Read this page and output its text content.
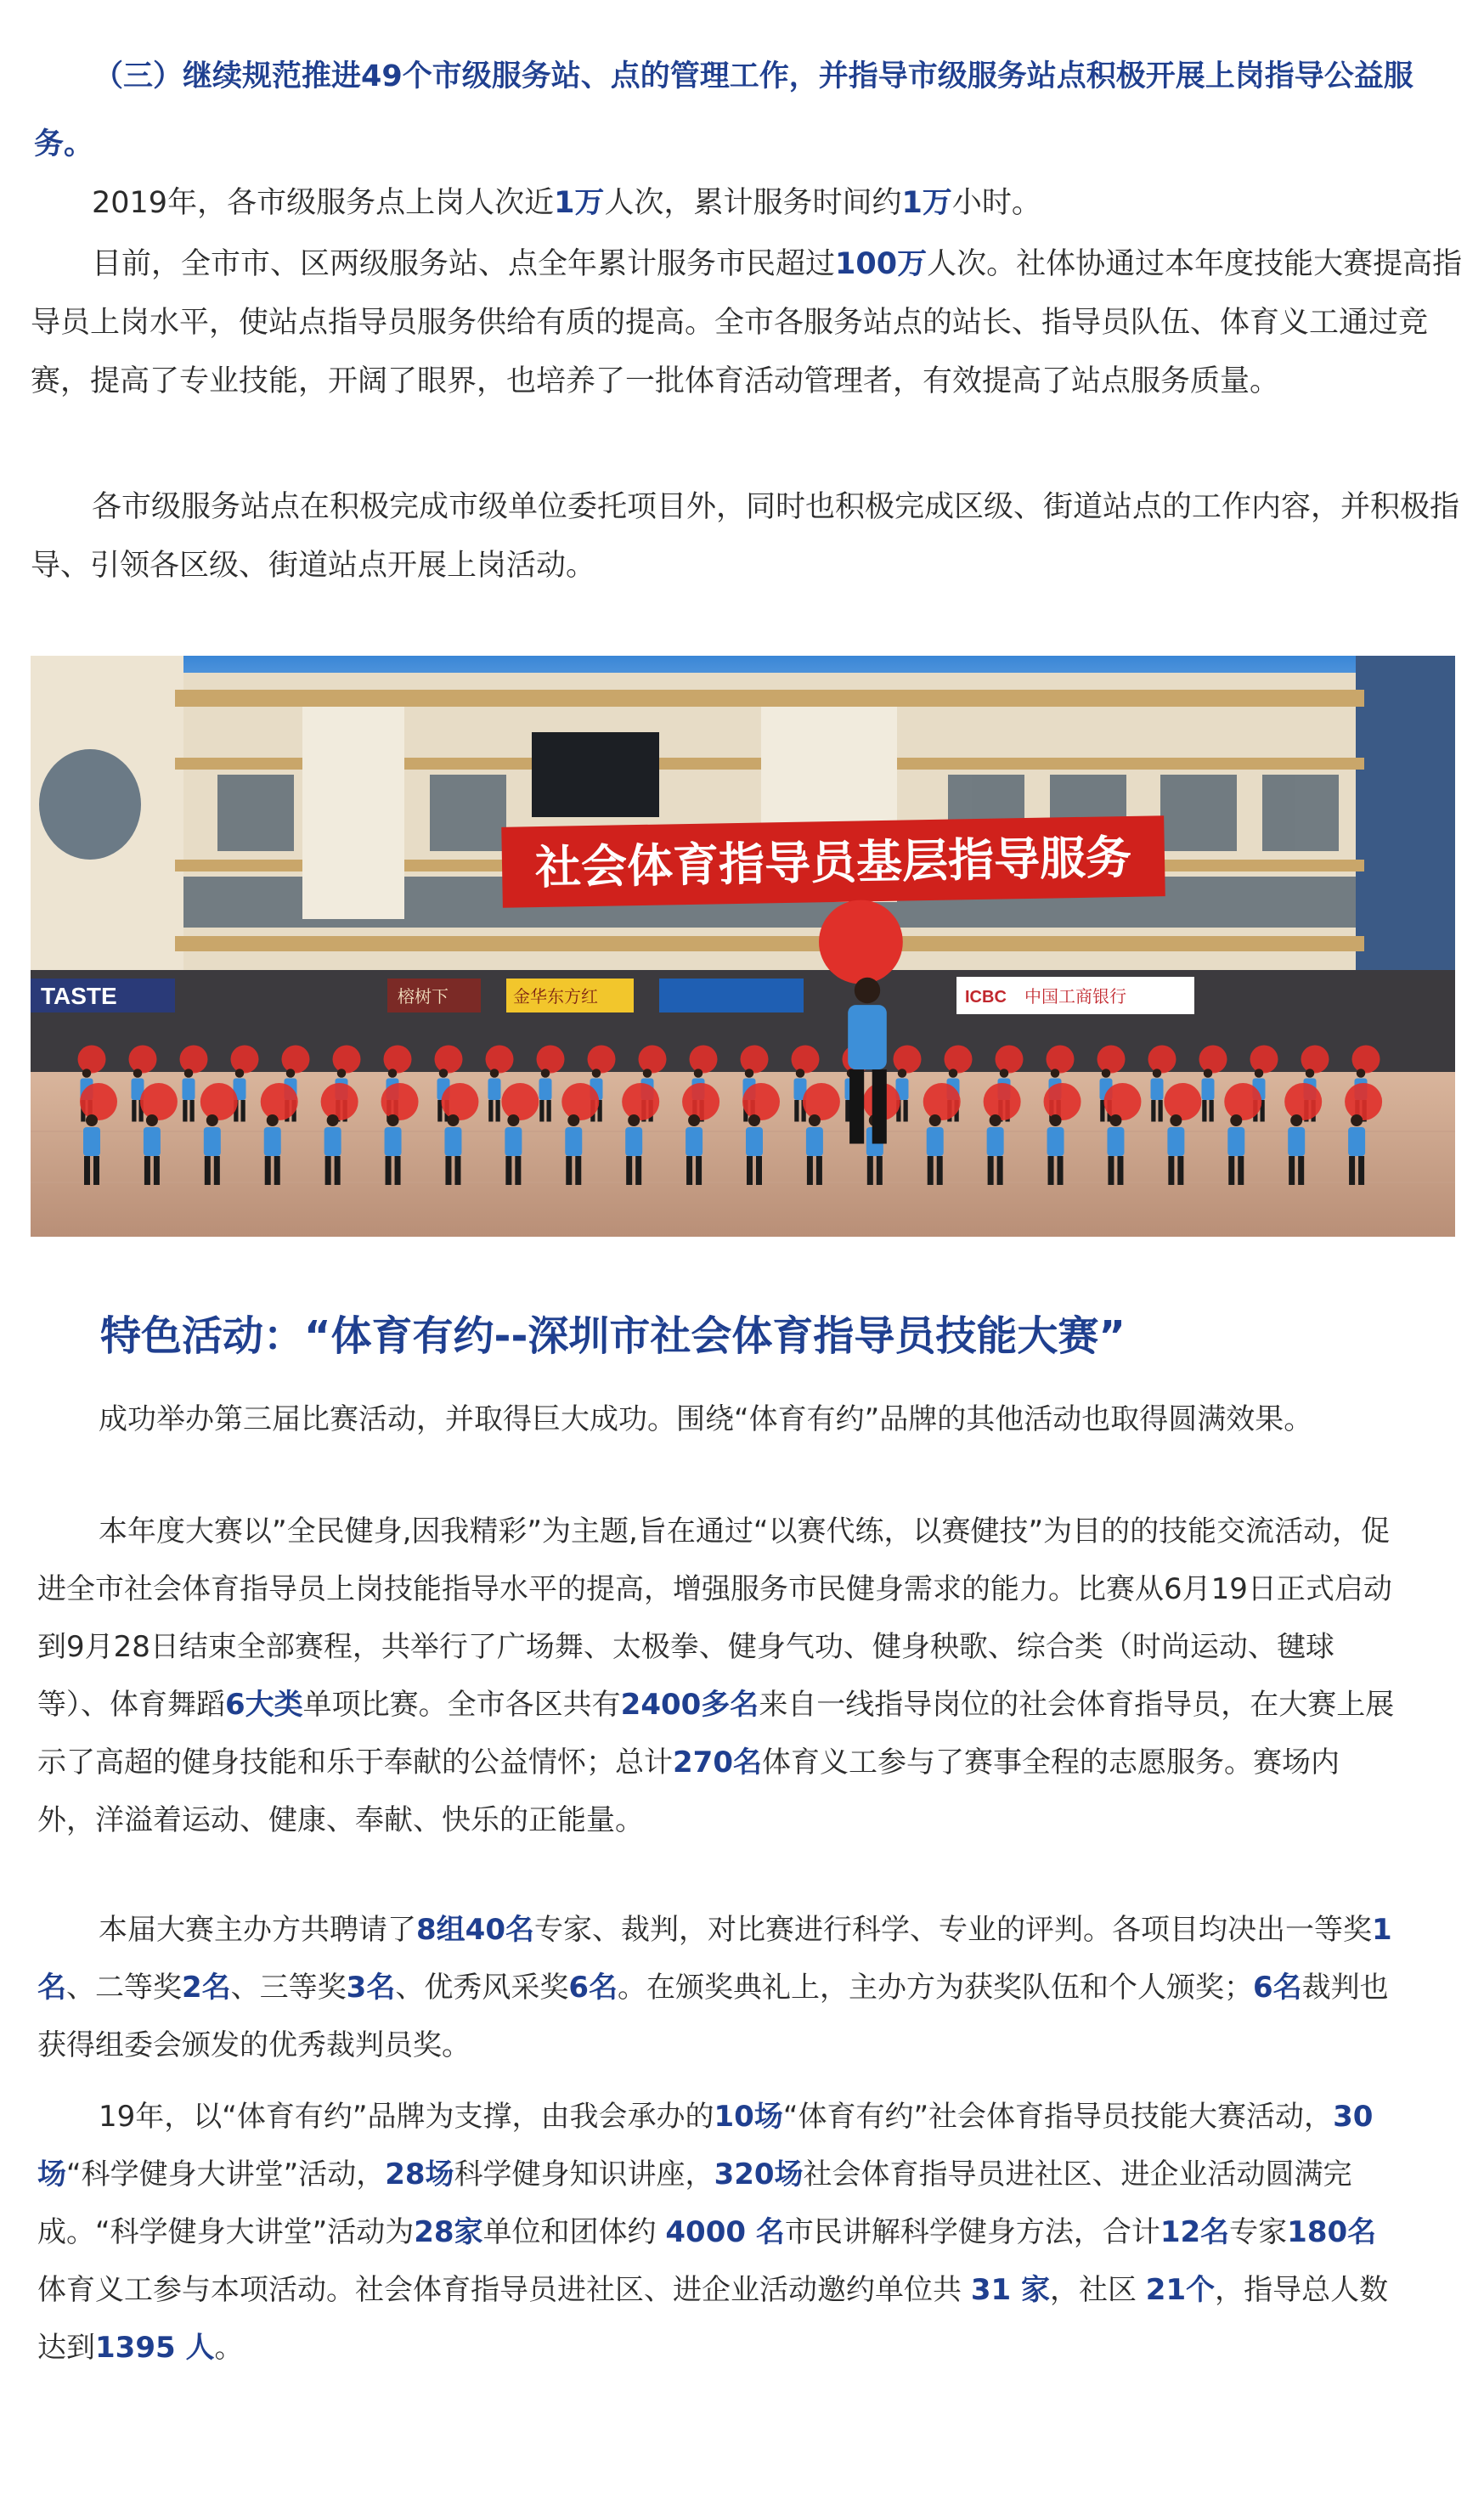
（三）继续规范推进49个市级服务站、点的管理工作，并指导市级服务站点积极开展上岗指导公益服务。

2019年，各市级服务点上岗人次近1万人次，累计服务时间约1万小时。

目前，全市市、区两级服务站、点全年累计服务市民超过100万人次。社体协通过本年度技能大赛提高指导员上岗水平，使站点指导员服务供给有质的提高。全市各服务站点的站长、指导员队伍、体育义工通过竞赛，提高了专业技能，开阔了眼界，也培养了一批体育活动管理者，有效提高了站点服务质量。

各市级服务站点在积极完成市级单位委托项目外，同时也积极完成区级、街道站点的工作内容，并积极指导、引领各区级、街道站点开展上岗活动。

TASTE	榕树下	金华东方红	ICBC 中国工商银行
社会体育指导员基层指导服务
特色活动：“体育有约--深圳市社会体育指导员技能大赛”

成功举办第三届比赛活动，并取得巨大成功。围绕“体育有约”品牌的其他活动也取得圆满效果。

本年度大赛以”全民健身,因我精彩”为主题,旨在通过“以赛代练，以赛健技”为目的的技能交流活动，促进全市社会体育指导员上岗技能指导水平的提高，增强服务市民健身需求的能力。比赛从6月19日正式启动到9月28日结束全部赛程，共举行了广场舞、太极拳、健身气功、健身秧歌、综合类（时尚运动、毽球等）、体育舞蹈6大类单项比赛。全市各区共有2400多名来自一线指导岗位的社会体育指导员，在大赛上展示了高超的健身技能和乐于奉献的公益情怀；总计270名体育义工参与了赛事全程的志愿服务。赛场内外，洋溢着运动、健康、奉献、快乐的正能量。

本届大赛主办方共聘请了8组40名专家、裁判，对比赛进行科学、专业的评判。各项目均决出一等奖1名、二等奖2名、三等奖3名、优秀风采奖6名。在颁奖典礼上，主办方为获奖队伍和个人颁奖；6名裁判也获得组委会颁发的优秀裁判员奖。

19年，以“体育有约”品牌为支撑，由我会承办的10场“体育有约”社会体育指导员技能大赛活动，30场“科学健身大讲堂”活动，28场科学健身知识讲座，320场社会体育指导员进社区、进企业活动圆满完成。“科学健身大讲堂”活动为28家单位和团体约 4000 名市民讲解科学健身方法，合计12名专家180名体育义工参与本项活动。社会体育指导员进社区、进企业活动邀约单位共 31 家，社区 21个，指导总人数达到1395 人。
